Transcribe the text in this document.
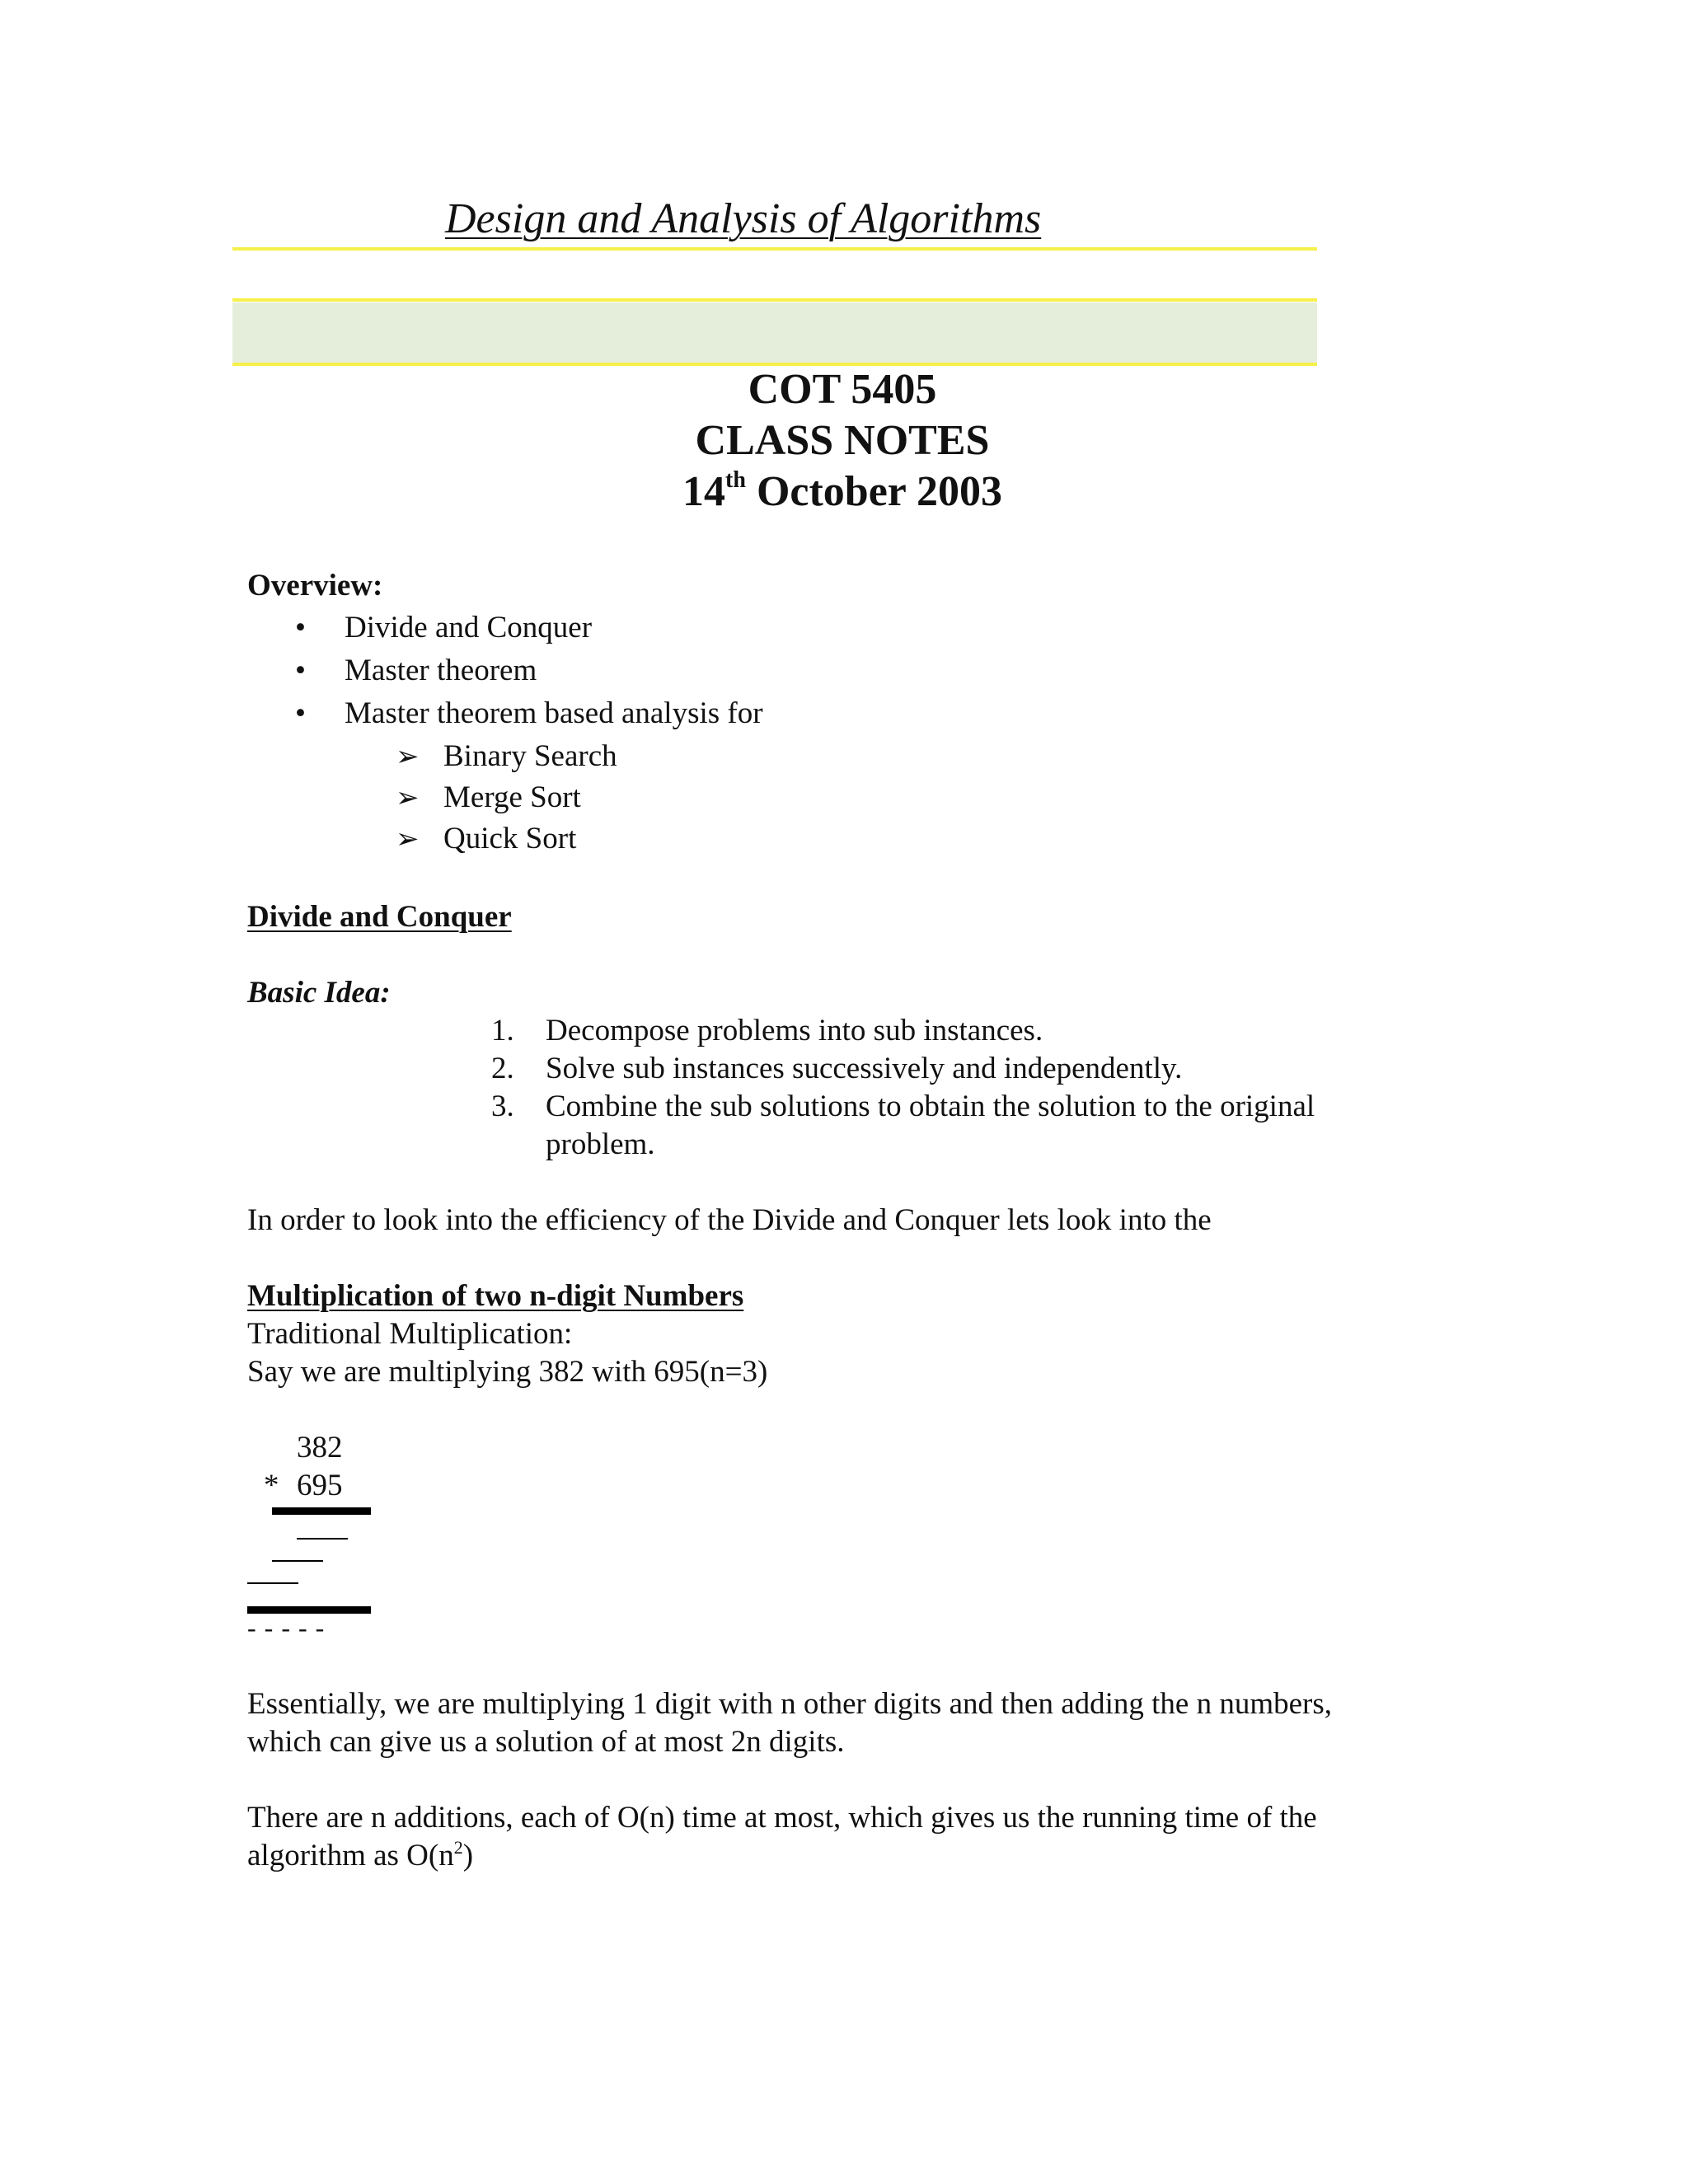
Design and Analysis of Algorithms
COT 5405
CLASS NOTES
14th October 2003
Overview:
• Divide and Conquer
• Master theorem
• Master theorem based analysis for
➢ Binary Search
➢ Merge Sort
➢ Quick Sort
Divide and Conquer
Basic Idea:
1. Decompose problems into sub instances.
2. Solve sub instances successively and independently.
3. Combine the sub solutions to obtain the solution to the original
problem.
In order to look into the efficiency of the Divide and Conquer lets look into the
Multiplication of two n-digit Numbers
Traditional Multiplication:
Say we are multiplying 382 with 695(n=3)
382
* 695
- - - - -
Essentially, we are multiplying 1 digit with n other digits and then adding the n numbers,
which can give us a solution of at most 2n digits.
There are n additions, each of O(n) time at most, which gives us the running time of the
algorithm as $O(n^2)$
